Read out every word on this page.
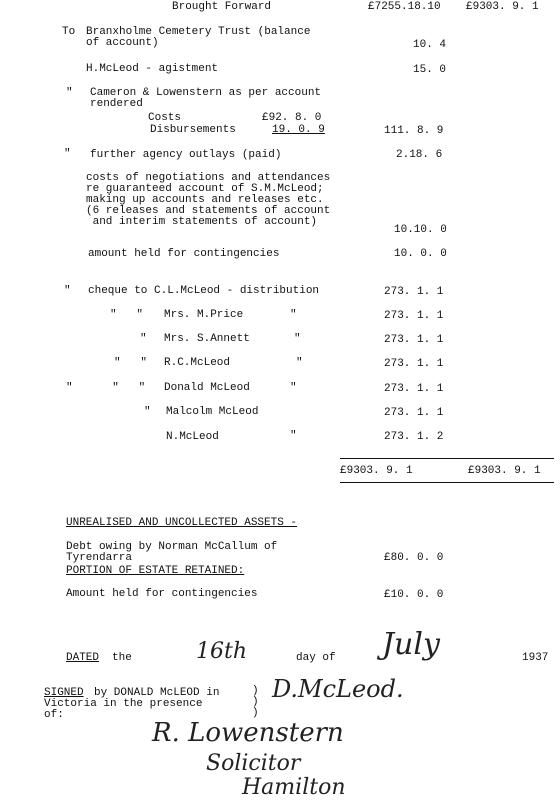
Brought Forward	£7255.18.10 £9303. 9. 1
To Branxholme Cemetery Trust (balance
of account)	10. 4
H.McLeod - agistment	15. 0
" Cameron & Lowenstern as per account
rendered
Costs	£92. 8. 0
Disbursements	19. 0. 9	111. 8. 9
" further agency outlays (paid)	2.18. 6
costs of negotiations and attendances
re guaranteed account of S.M.McLeod;
making up accounts and releases etc.
(6 releases and statements of account
and interim statements of account)
10.10. 0
amount held for contingencies	10. 0. 0
" cheque to C.L.McLeod - distribution	273. 1. 1
"   " Mrs. M.Price	"	273. 1. 1
" Mrs. S.Annett	"	273. 1. 1
"   " R.C.McLeod	"	273. 1. 1
"      "   " Donald McLeod	"	273. 1. 1
" Malcolm McLeod	273. 1. 1
N.McLeod	"	273. 1. 2
£9303. 9. 1	£9303. 9. 1
UNREALISED AND UNCOLLECTED ASSETS -
Debt owing by Norman McCallum of
Tyrendarra	£80. 0. 0
PORTION OF ESTATE RETAINED:
Amount held for contingencies	£10. 0. 0
DATED the	16th	day of July	1937
SIGNED by DONALD McLEOD in
Victoria in the presence
of:
)
)
)
D.McLeod.
R. Lowenstern
Solicitor
Hamilton
